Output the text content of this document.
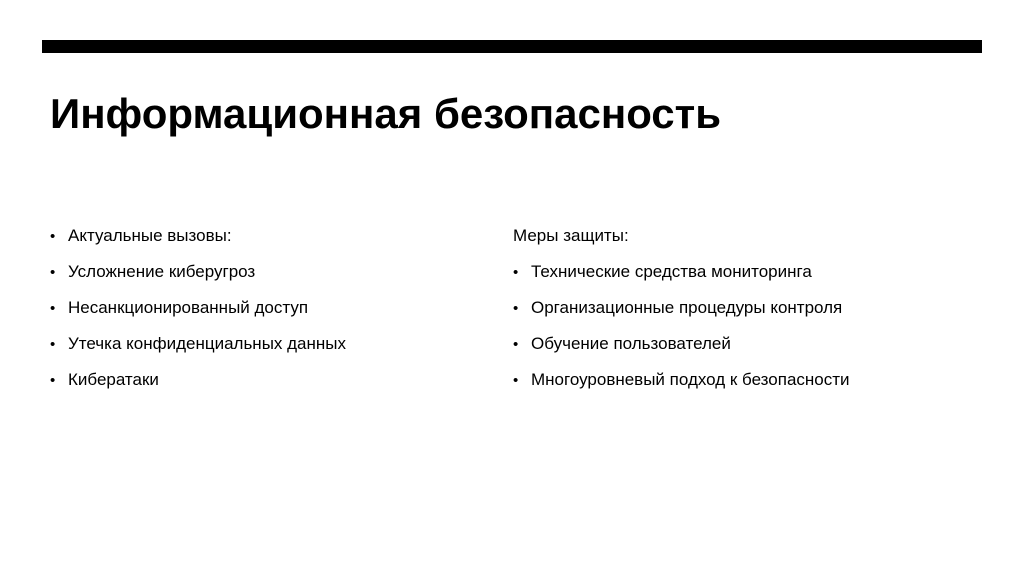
Информационная безопасность
• Актуальные вызовы:
• Усложнение киберугроз
• Несанкционированный доступ
• Утечка конфиденциальных данных
• Кибератаки
Меры защиты:
• Технические средства мониторинга
• Организационные процедуры контроля
• Обучение пользователей
• Многоуровневый подход к безопасности
